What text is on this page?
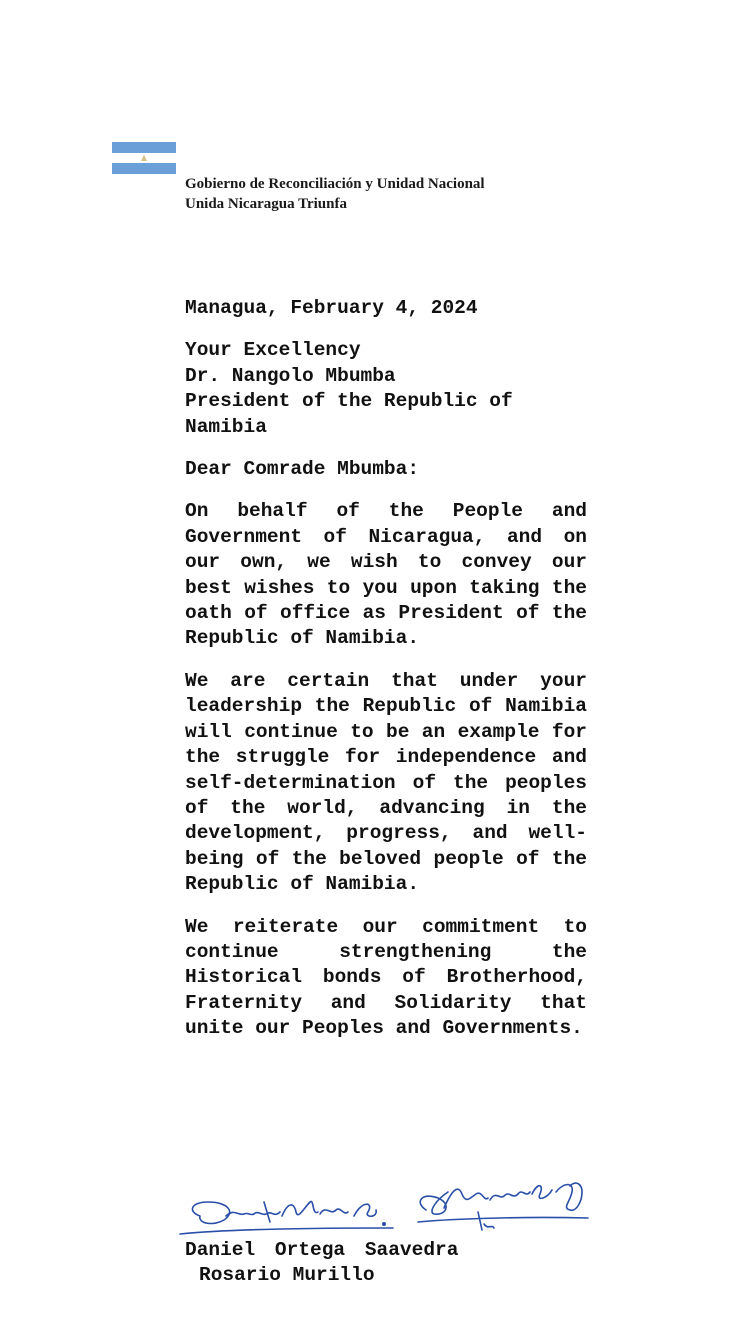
Gobierno de Reconciliación y Unidad Nacional
Unida Nicaragua Triunfa

Managua, February 4, 2024

Your Excellency
Dr. Nangolo Mbumba
President of the Republic of
Namibia

Dear Comrade Mbumba:

On behalf of the People and Government of Nicaragua, and on our own, we wish to convey our best wishes to you upon taking the oath of office as President of the Republic of Namibia.

We are certain that under your leadership the Republic of Namibia will continue to be an example for the struggle for independence and self-determination of the peoples of the world, advancing in the development, progress, and well-being of the beloved people of the Republic of Namibia.

We reiterate our commitment to continue strengthening the Historical bonds of Brotherhood, Fraternity and Solidarity that unite our Peoples and Governments.

Daniel Ortega Saavedra
Rosario Murillo
